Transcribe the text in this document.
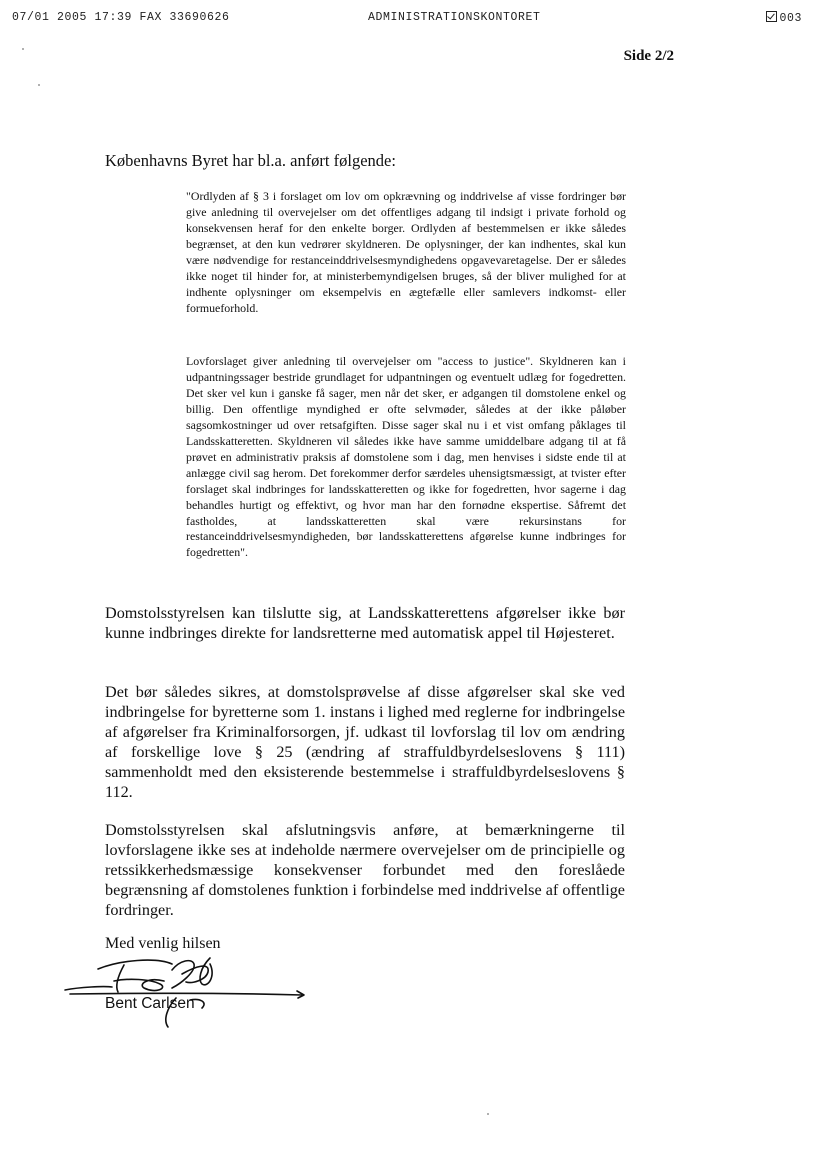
07/01 2005 17:39 FAX 33690626	ADMINISTRATIONSKONTORET	003
Side 2/2
Københavns Byret har bl.a. anført følgende:
"Ordlyden af § 3 i forslaget om lov om opkrævning og inddrivelse af visse fordringer bør give anledning til overvejelser om det offentliges adgang til indsigt i private forhold og konsekvensen heraf for den enkelte borger. Ordlyden af bestemmelsen er ikke således begrænset, at den kun vedrører skyldneren. De oplysninger, der kan indhentes, skal kun være nødvendige for restanceinddrivelsesmyndighedens opgavevaretagelse. Der er således ikke noget til hinder for, at ministerbemyndigelsen bruges, så der bliver mulighed for at indhente oplysninger om eksempelvis en ægtefælle eller samlevers indkomst- eller formueforhold.
Lovforslaget giver anledning til overvejelser om "access to justice". Skyldneren kan i udpantningssager bestride grundlaget for udpantningen og eventuelt udlæg for fogedretten. Det sker vel kun i ganske få sager, men når det sker, er adgangen til domstolene enkel og billig. Den offentlige myndighed er ofte selvmøder, således at der ikke påløber sagsomkostninger ud over retsafgiften. Disse sager skal nu i et vist omfang påklages til Landsskatteretten. Skyldneren vil således ikke have samme umiddelbare adgang til at få prøvet en administrativ praksis af domstolene som i dag, men henvises i sidste ende til at anlægge civil sag herom. Det forekommer derfor særdeles uhensigtsmæssigt, at tvister efter forslaget skal indbringes for landsskatteretten og ikke for fogedretten, hvor sagerne i dag behandles hurtigt og effektivt, og hvor man har den fornødne ekspertise. Såfremt det fastholdes, at landsskatteretten skal være rekursinstans for restanceinddrivelsesmyndigheden, bør landsskatterettens afgørelse kunne indbringes for fogedretten".
Domstolsstyrelsen kan tilslutte sig, at Landsskatterettens afgørelser ikke bør kunne indbringes direkte for landsretterne med automatisk appel til Højesteret.
Det bør således sikres, at domstolsprøvelse af disse afgørelser skal ske ved indbringelse for byretterne som 1. instans i lighed med reglerne for indbringelse af afgørelser fra Kriminalforsorgen, jf. udkast til lovforslag til lov om ændring af forskellige love § 25 (ændring af straffuldbyrdelseslovens § 111) sammenholdt med den eksisterende bestemmelse i straffuldbyrdelseslovens § 112.
Domstolsstyrelsen skal afslutningsvis anføre, at bemærkningerne til lovforslagene ikke ses at indeholde nærmere overvejelser om de principielle og retssikkerhedsmæssige konsekvenser forbundet med den foreslåede begrænsning af domstolenes funktion i forbindelse med inddrivelse af offentlige fordringer.
Med venlig hilsen
Bent Carlsen
